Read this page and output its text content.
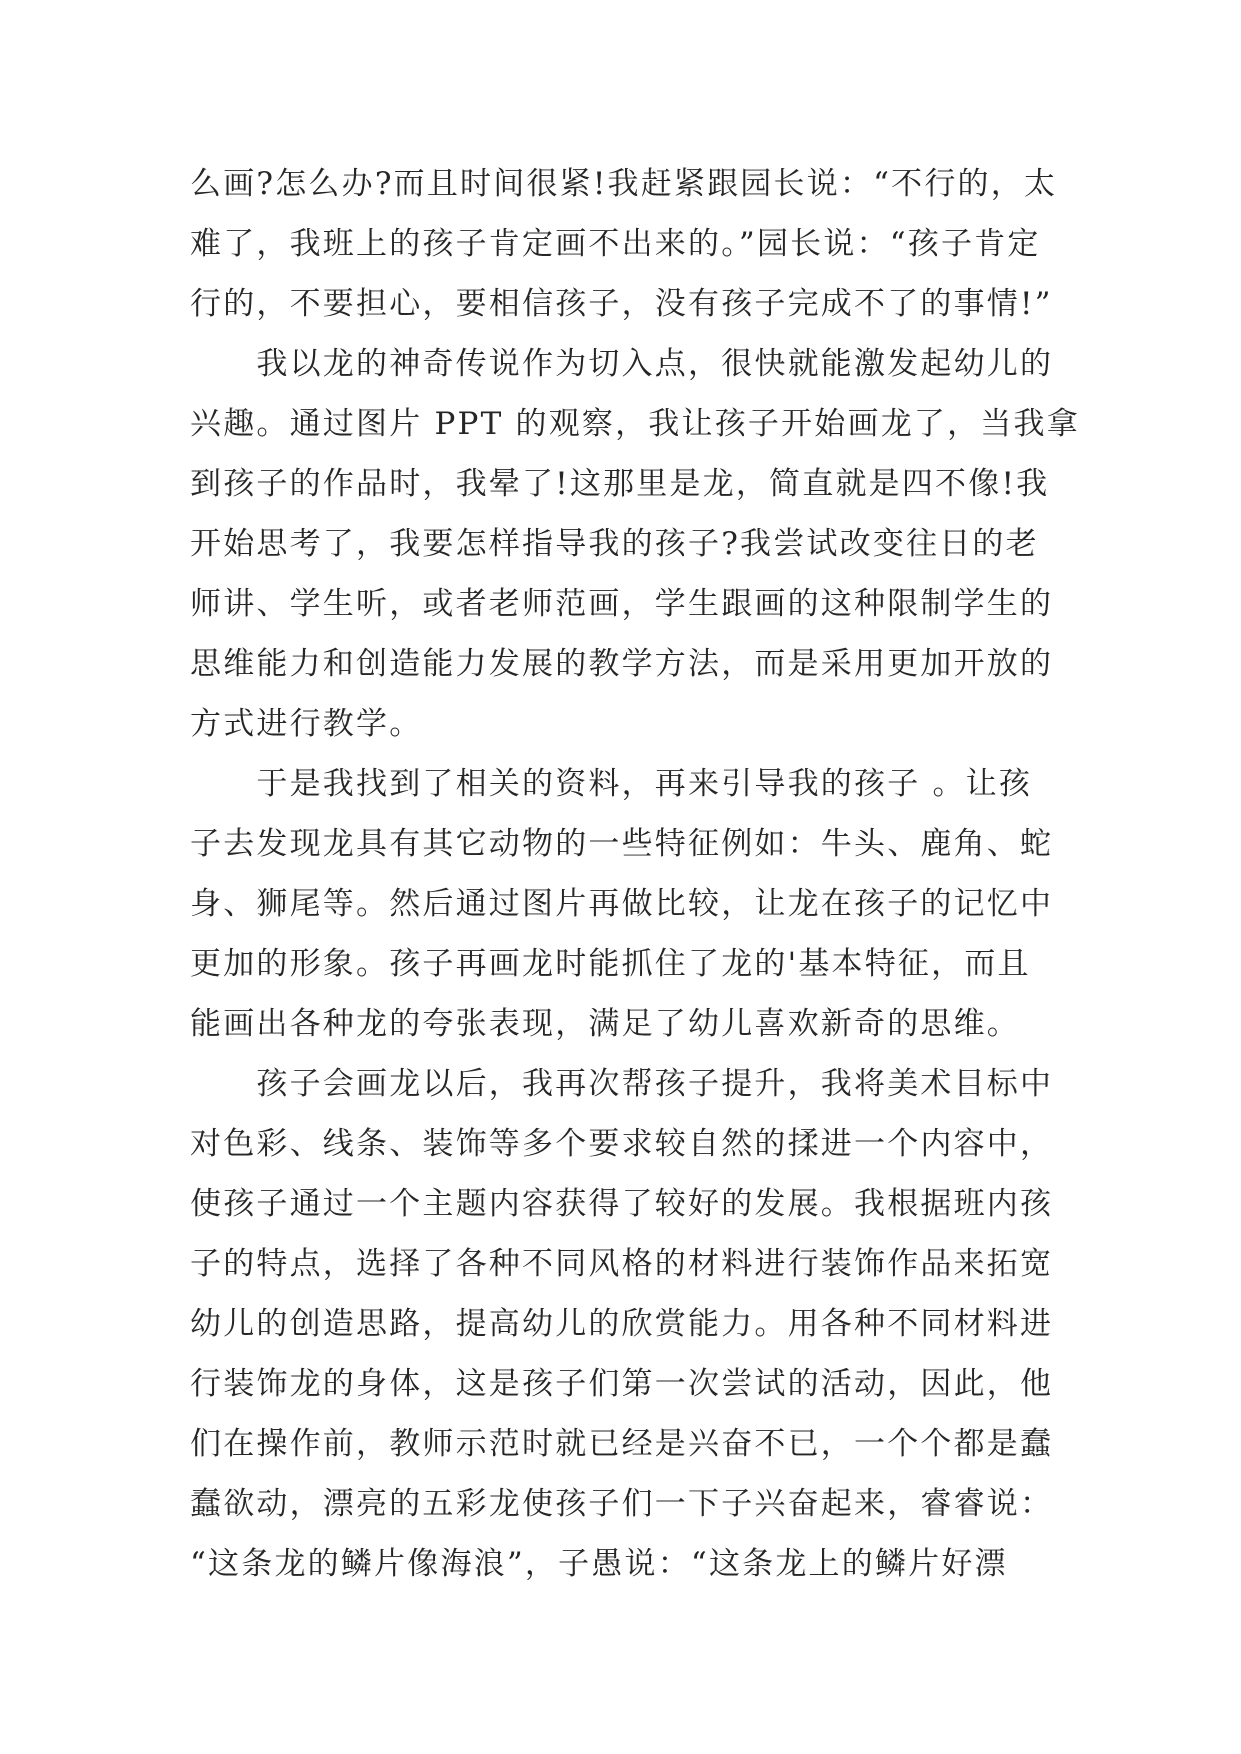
么画?怎么办?而且时间很紧!我赶紧跟园长说：“不行的，太
难了，我班上的孩子肯定画不出来的。”园长说：“孩子肯定
行的，不要担心，要相信孩子，没有孩子完成不了的事情!”
　　我以龙的神奇传说作为切入点，很快就能激发起幼儿的
兴趣。通过图片 PPT 的观察，我让孩子开始画龙了，当我拿
到孩子的作品时，我晕了!这那里是龙，简直就是四不像!我
开始思考了，我要怎样指导我的孩子?我尝试改变往日的老
师讲、学生听，或者老师范画，学生跟画的这种限制学生的
思维能力和创造能力发展的教学方法，而是采用更加开放的
方式进行教学。
　　于是我找到了相关的资料，再来引导我的孩子 。让孩
子去发现龙具有其它动物的一些特征例如：牛头、鹿角、蛇
身、狮尾等。然后通过图片再做比较，让龙在孩子的记忆中
更加的形象。孩子再画龙时能抓住了龙的'基本特征，而且
能画出各种龙的夸张表现，满足了幼儿喜欢新奇的思维。
　　孩子会画龙以后，我再次帮孩子提升，我将美术目标中
对色彩、线条、装饰等多个要求较自然的揉进一个内容中，
使孩子通过一个主题内容获得了较好的发展。我根据班内孩
子的特点，选择了各种不同风格的材料进行装饰作品来拓宽
幼儿的创造思路，提高幼儿的欣赏能力。用各种不同材料进
行装饰龙的身体，这是孩子们第一次尝试的活动，因此，他
们在操作前，教师示范时就已经是兴奋不已，一个个都是蠢
蠢欲动，漂亮的五彩龙使孩子们一下子兴奋起来，睿睿说：
“这条龙的鳞片像海浪”，子愚说：“这条龙上的鳞片好漂
